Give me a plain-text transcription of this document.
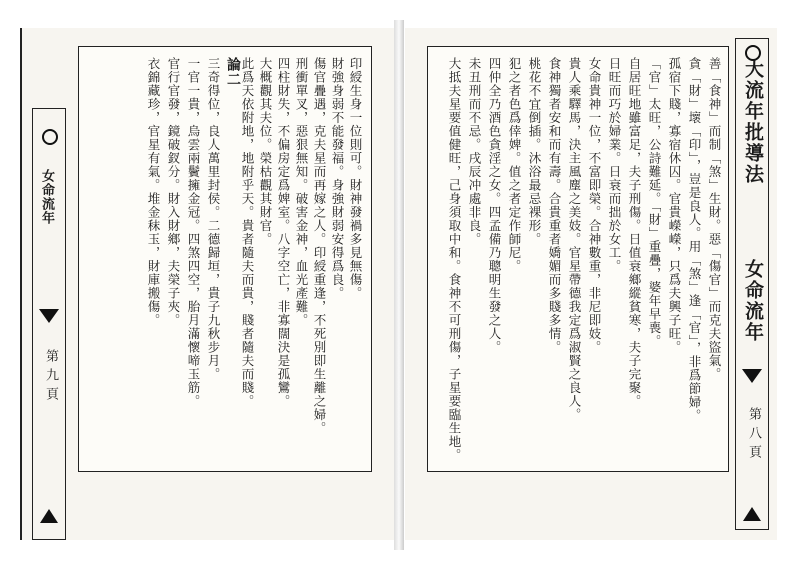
女命流年
第九頁
論二	印綬生身一位則可。財神發禍多見無傷。
財強身弱不能發福。身強財弱安得爲良。
傷官疊遇，克夫星而再嫁之人。印綬重逢，不死別即生離之婦。
刑衝單叉，惡狠無知。破害金神，血光產難。
四柱財失，不偏房定爲婢室。八字空亡，非寡闊決是孤鸞。
大概觀其夫位。榮枯觀其財官。
此爲天依附地，地附乎天。貴者隨夫而貴，賤者隨夫而賤。
三奇得位，良人萬里封侯。二德歸垣，貴子九秋步月。
一官一貴，烏雲兩鬢擁金冠。四煞四空，胎月滿懷啼玉筋。
官行官發，鏡破釵分。財入財鄉，夫榮子夾。
衣錦藏珍，官星有氣。堆金秣玉，財庫搬傷。	善「食神」而制「煞」生財。惡「傷官」而克夫盜氣。
貪「財」壞「印」，豈是良人。用「煞」逢「官」，非爲節婦。
孤宿下賤，寡宿休囚。官貴嶸嶸，只爲夫興子旺。
「官」太旺，公詩難延。「財」重疊，婆年早喪。
自居旺地雖富足，夫子刑傷。日值衰鄉縱貧寒，夫子完聚。
日旺而巧於婦業。日衰而拙於女工。
女命貴神一位，不富即榮。合神數重，非尼即妓。
貴人乘驛馬，決主風塵之美妓。官星帶德我定爲淑賢之良人。
食神獨者安和而有壽。合貴重者嬌媚而多賤多情。
桃花不宜倒插。沐浴最忌裸形。
犯之者色爲倖婢。值之者定作師尼。
四仲全乃酒色貪淫之女。四孟備乃聰明生發之人。
未丑刑而不忌。戌辰冲處非良。
大抵夫星要值健旺，己身須取中和。食神不可刑傷，子星要臨生地。	大流年批導法
女命流年
第八頁
